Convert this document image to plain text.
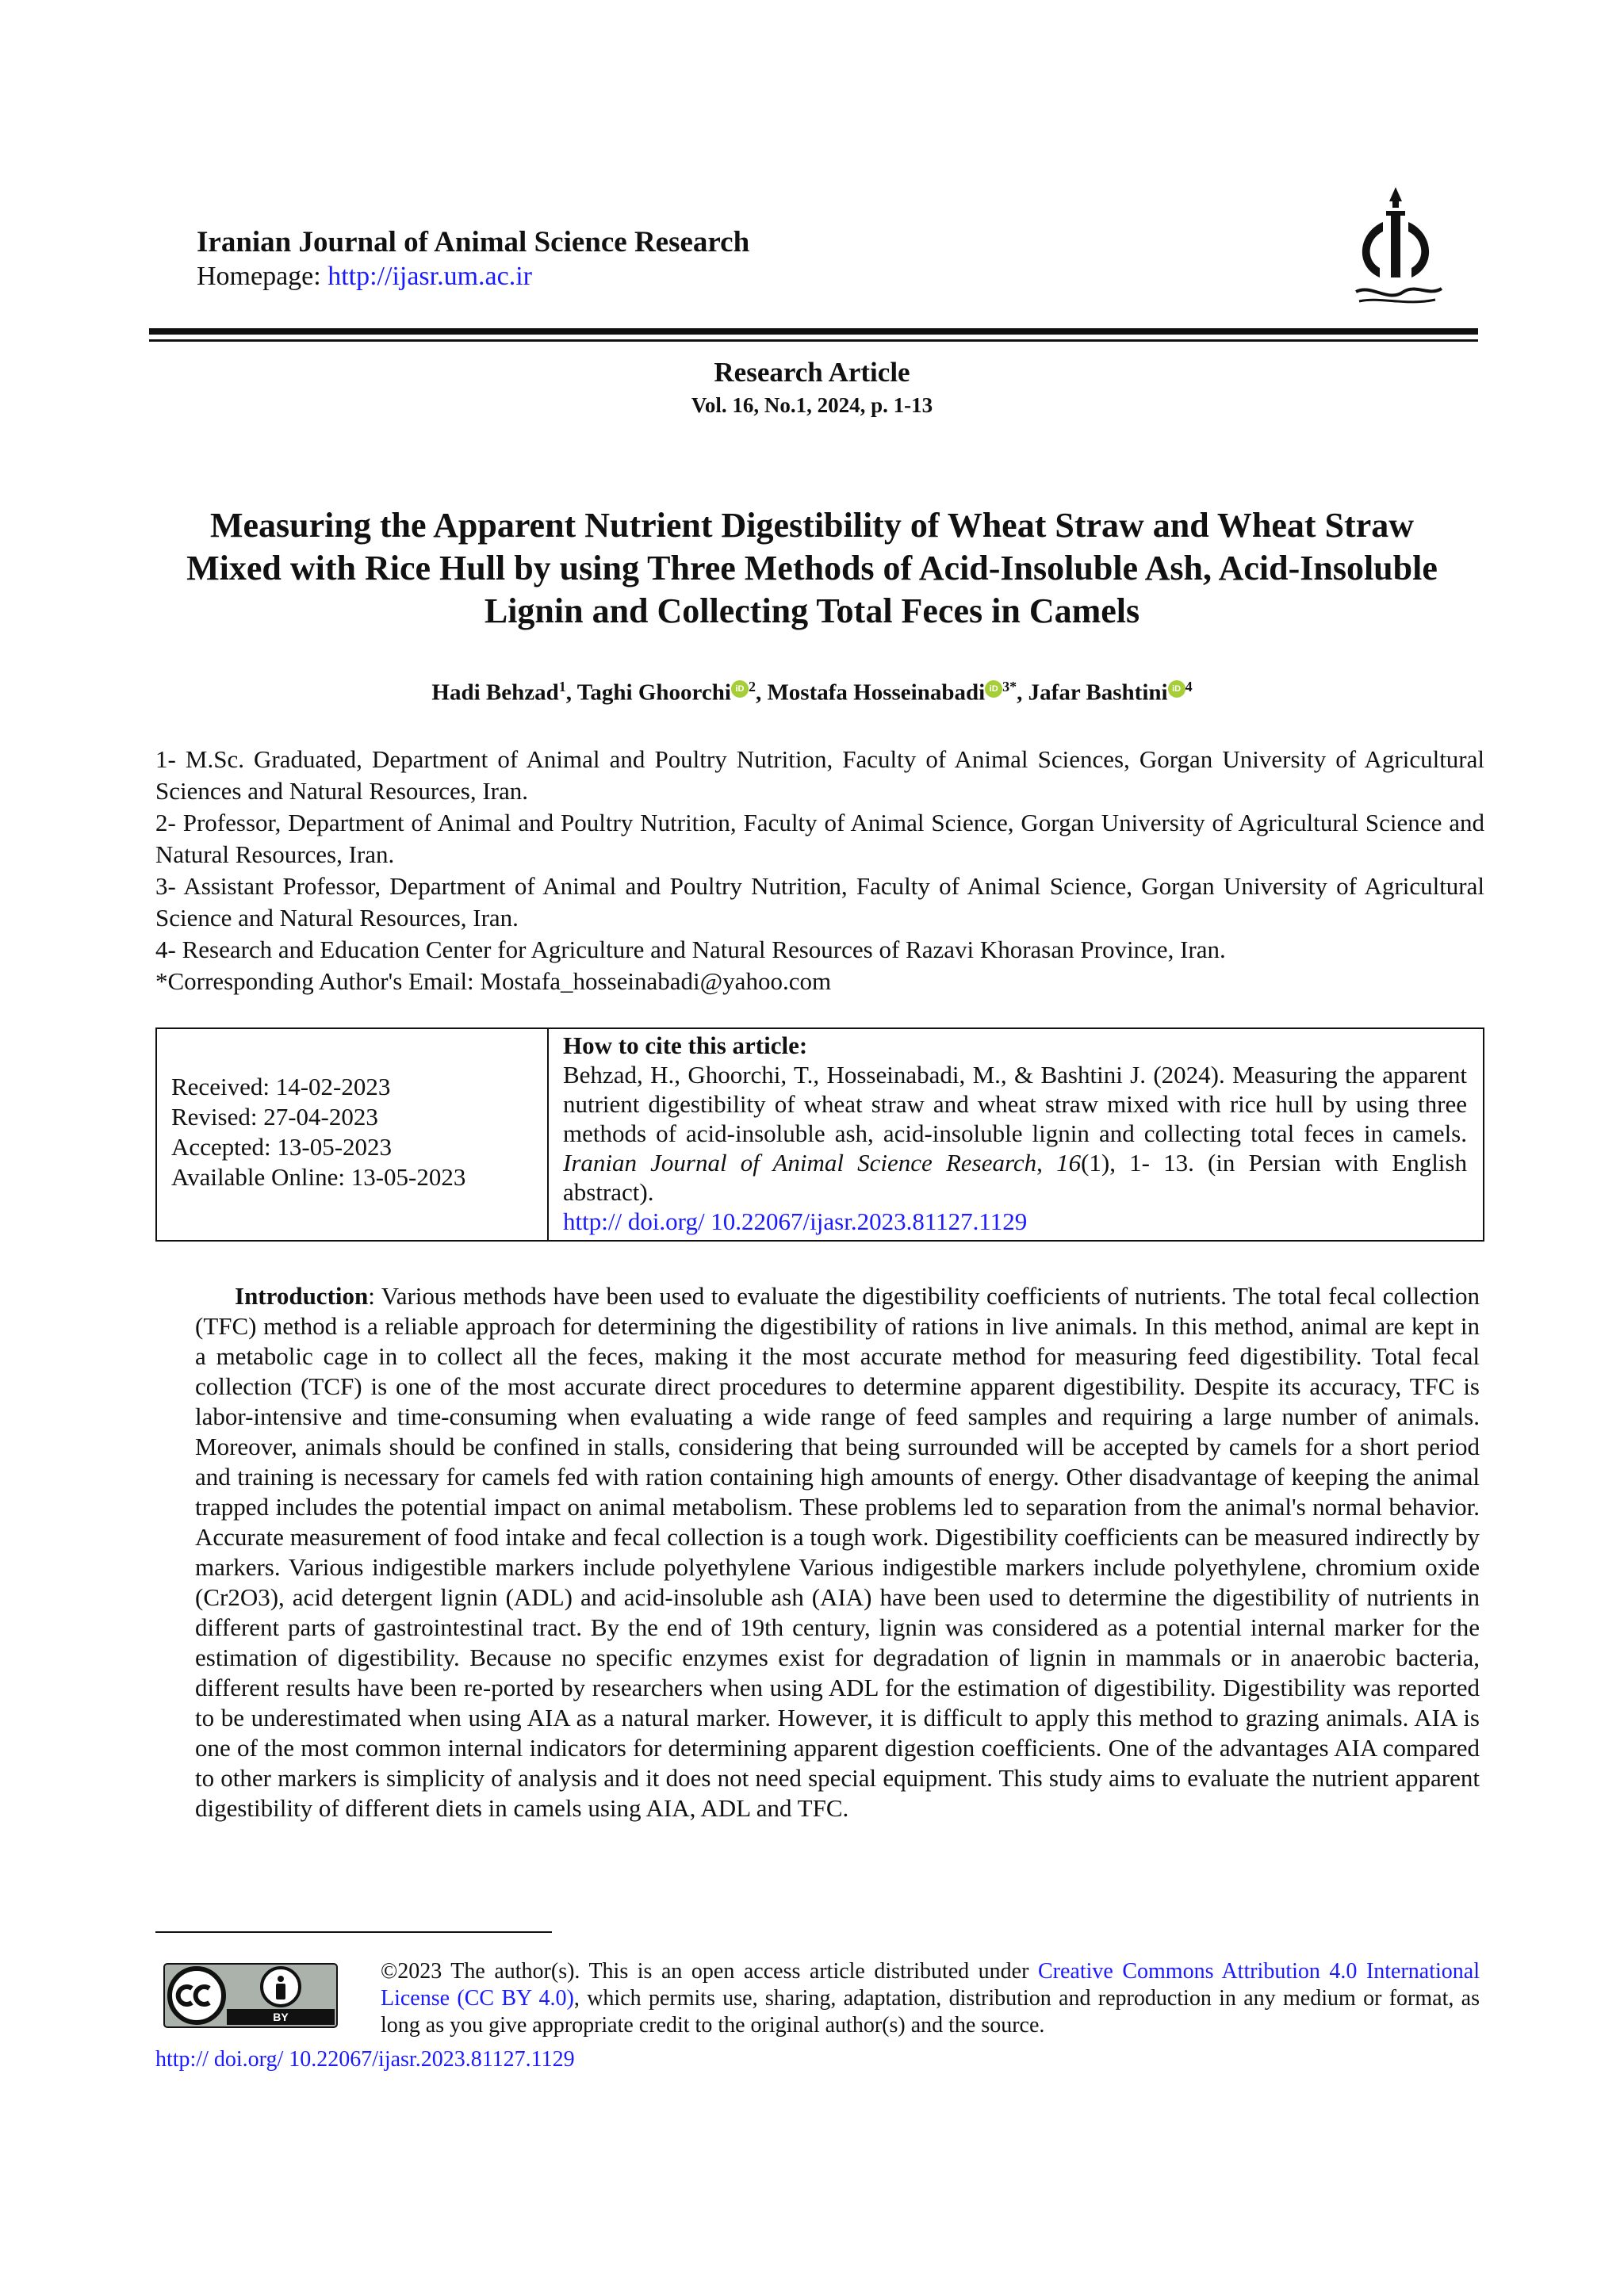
Iranian Journal of Animal Science Research
Homepage: http://ijasr.um.ac.ir
Research Article
Vol. 16, No.1, 2024, p. 1-13
Measuring the Apparent Nutrient Digestibility of Wheat Straw and Wheat Straw Mixed with Rice Hull by using Three Methods of Acid-Insoluble Ash, Acid-Insoluble Lignin and Collecting Total Feces in Camels
Hadi Behzad$^1$, Taghi Ghoorchi iD $^2$, Mostafa Hosseinabadi iD $^{3*}$, Jafar Bashtini iD $^4$

1- M.Sc. Graduated, Department of Animal and Poultry Nutrition, Faculty of Animal Sciences, Gorgan University of Agricultural Sciences and Natural Resources, Iran.

2- Professor, Department of Animal and Poultry Nutrition, Faculty of Animal Science, Gorgan University of Agricultural Science and Natural Resources, Iran.

3- Assistant Professor, Department of Animal and Poultry Nutrition, Faculty of Animal Science, Gorgan University of Agricultural Science and Natural Resources, Iran.

4- Research and Education Center for Agriculture and Natural Resources of Razavi Khorasan Province, Iran.

*Corresponding Author's Email: Mostafa_hosseinabadi@yahoo.com

Received: 14-02-2023
Revised: 27-04-2023
Accepted: 13-05-2023
Available Online: 13-05-2023
How to cite this article:
Behzad, H., Ghoorchi, T., Hosseinabadi, M., & Bashtini J. (2024). Measuring the apparent nutrient digestibility of wheat straw and wheat straw mixed with rice hull by using three methods of acid-insoluble ash, acid-insoluble lignin and collecting total feces in camels. Iranian Journal of Animal Science Research, 16(1), 1- 13. (in Persian with English abstract).
http:// doi.org/ 10.22067/ijasr.2023.81127.1129
Introduction: Various methods have been used to evaluate the digestibility coefficients of nutrients. The total fecal collection (TFC) method is a reliable approach for determining the digestibility of rations in live animals. In this method, animal are kept in a metabolic cage in to collect all the feces, making it the most accurate method for measuring feed digestibility. Total fecal collection (TCF) is one of the most accurate direct procedures to determine apparent digestibility. Despite its accuracy, TFC is labor-intensive and time-consuming when evaluating a wide range of feed samples and requiring a large number of animals. Moreover, animals should be confined in stalls, considering that being surrounded will be accepted by camels for a short period and training is necessary for camels fed with ration containing high amounts of energy. Other disadvantage of keeping the animal trapped includes the potential impact on animal metabolism. These problems led to separation from the animal's normal behavior. Accurate measurement of food intake and fecal collection is a tough work. Digestibility coefficients can be measured indirectly by markers. Various indigestible markers include polyethylene Various indigestible markers include polyethylene, chromium oxide (Cr2O3), acid detergent lignin (ADL) and acid-insoluble ash (AIA) have been used to determine the digestibility of nutrients in different parts of gastrointestinal tract. By the end of 19th century, lignin was considered as a potential internal marker for the estimation of digestibility. Because no specific enzymes exist for degradation of lignin in mammals or in anaerobic bacteria, different results have been re-ported by researchers when using ADL for the estimation of digestibility. Digestibility was reported to be underestimated when using AIA as a natural marker. However, it is difficult to apply this method to grazing animals. AIA is one of the most common internal indicators for determining apparent digestion coefficients. One of the advantages AIA compared to other markers is simplicity of analysis and it does not need special equipment. This study aims to evaluate the nutrient apparent digestibility of different diets in camels using AIA, ADL and TFC.
BY
©2023 The author(s). This is an open access article distributed under Creative Commons Attribution 4.0 International License (CC BY 4.0), which permits use, sharing, adaptation, distribution and reproduction in any medium or format, as long as you give appropriate credit to the original author(s) and the source.
http:// doi.org/ 10.22067/ijasr.2023.81127.1129
